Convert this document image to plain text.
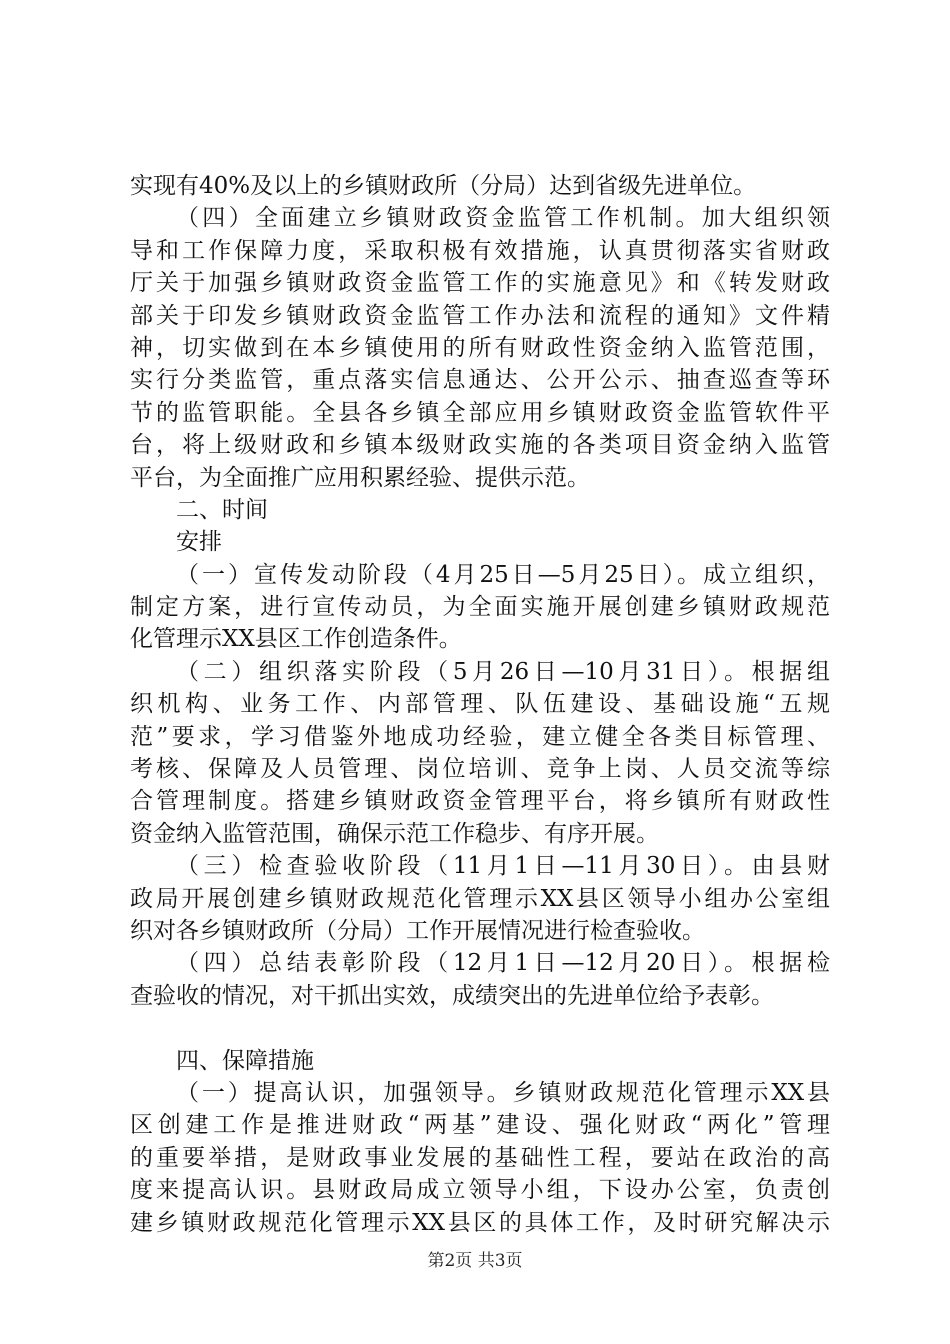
实现有40%及以上的乡镇财政所（分局）达到省级先进单位。
（四）全面建立乡镇财政资金监管工作机制。加大组织领
导和工作保障力度，采取积极有效措施，认真贯彻落实省财政
厅关于加强乡镇财政资金监管工作的实施意见》和《转发财政
部关于印发乡镇财政资金监管工作办法和流程的通知》文件精
神，切实做到在本乡镇使用的所有财政性资金纳入监管范围，
实行分类监管，重点落实信息通达、公开公示、抽查巡查等环
节的监管职能。全县各乡镇全部应用乡镇财政资金监管软件平
台，将上级财政和乡镇本级财政实施的各类项目资金纳入监管
平台，为全面推广应用积累经验、提供示范。
二、时间
安排
（一）宣传发动阶段（4月25日—5月25日）。成立组织，
制定方案，进行宣传动员，为全面实施开展创建乡镇财政规范
化管理示XX县区工作创造条件。
（二）组织落实阶段（5月26日—10月31日）。根据组
织机构、业务工作、内部管理、队伍建设、基础设施“五规
范”要求，学习借鉴外地成功经验，建立健全各类目标管理、
考核、保障及人员管理、岗位培训、竞争上岗、人员交流等综
合管理制度。搭建乡镇财政资金管理平台，将乡镇所有财政性
资金纳入监管范围，确保示范工作稳步、有序开展。
（三）检查验收阶段（11月1日—11月30日）。由县财
政局开展创建乡镇财政规范化管理示XX县区领导小组办公室组
织对各乡镇财政所（分局）工作开展情况进行检查验收。
（四）总结表彰阶段（12月1日—12月20日）。根据检
查验收的情况，对干抓出实效，成绩突出的先进单位给予表彰。
四、保障措施
（一）提高认识，加强领导。乡镇财政规范化管理示XX县
区创建工作是推进财政“两基”建设、强化财政“两化”管理
的重要举措，是财政事业发展的基础性工程，要站在政治的高
度来提高认识。县财政局成立领导小组，下设办公室，负责创
建乡镇财政规范化管理示XX县区的具体工作，及时研究解决示
第2页 共3页
